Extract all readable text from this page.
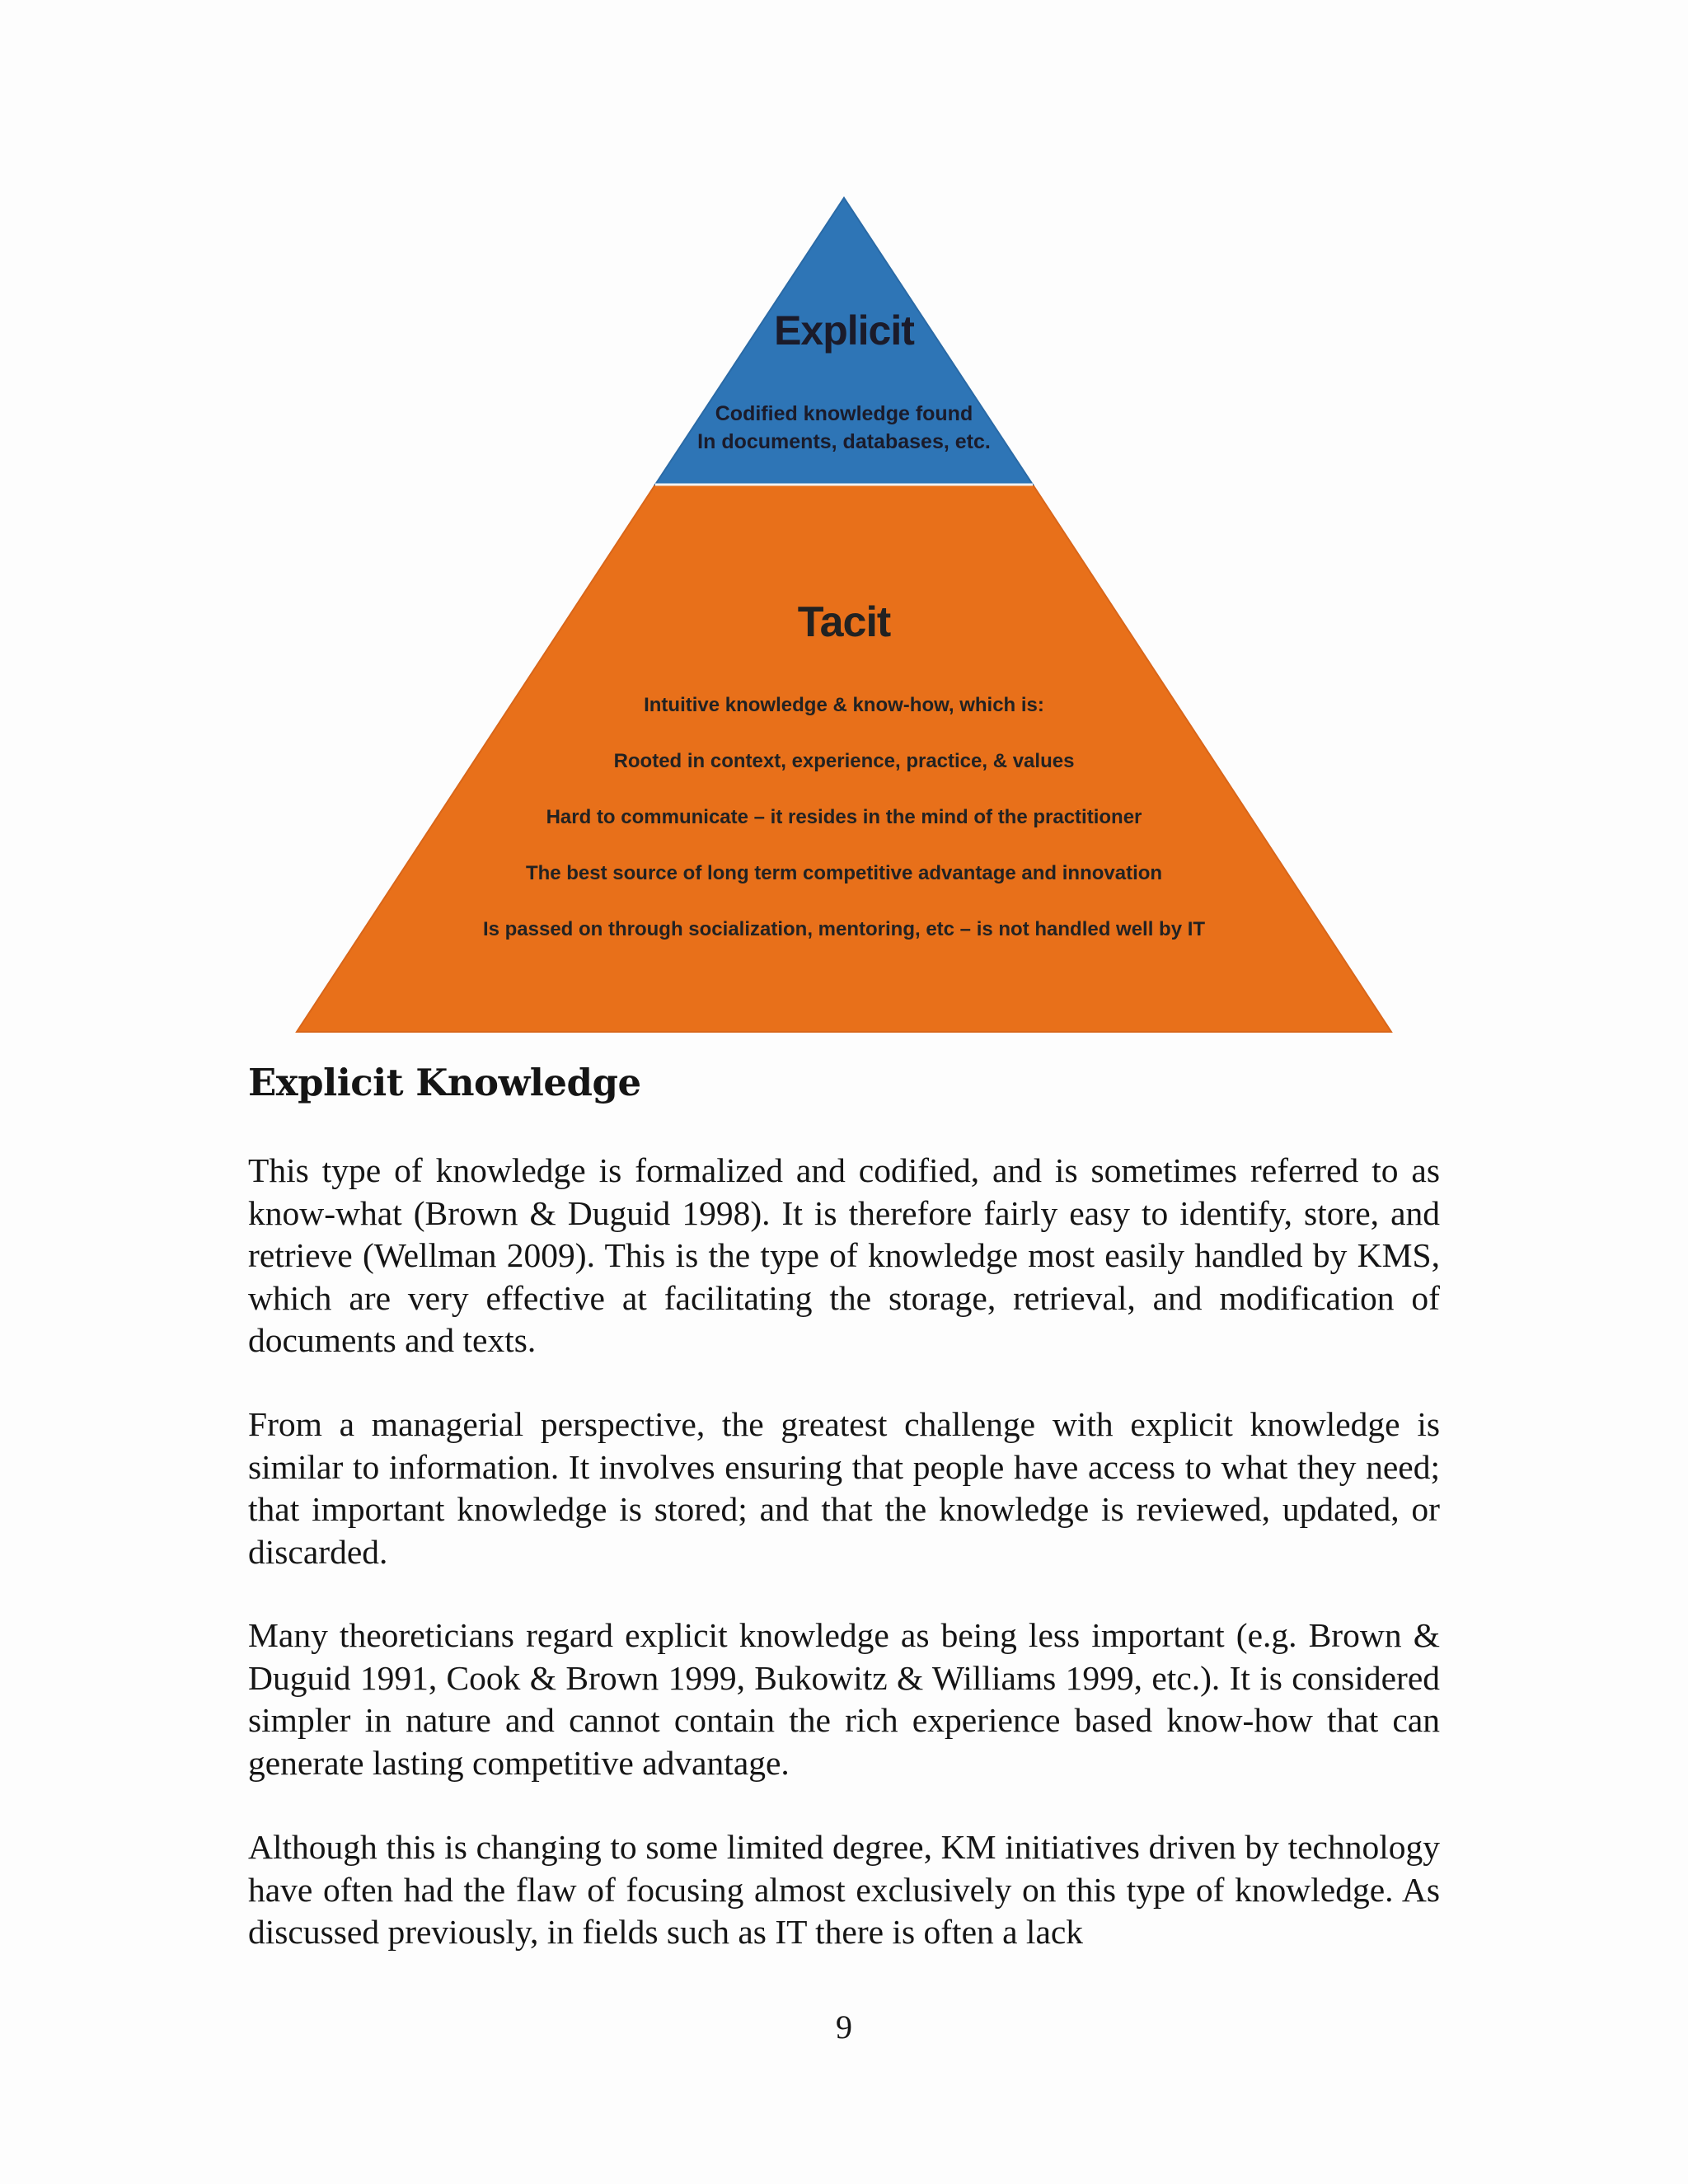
Explicit
Codified knowledge found
In documents, databases, etc.
Tacit
Intuitive knowledge & know-how, which is:
Rooted in context, experience, practice, & values
Hard to communicate – it resides in the mind of the practitioner
The best source of long term competitive advantage and innovation
Is passed on through socialization, mentoring, etc – is not handled well by IT
Explicit Knowledge

This type of knowledge is formalized and codified, and is sometimes referred to as know-what (Brown & Duguid 1998). It is therefore fairly easy to identify, store, and retrieve (Wellman 2009). This is the type of knowledge most easily handled by KMS, which are very effective at facilitating the storage, retrieval, and modification of documents and texts.

From a managerial perspective, the greatest challenge with explicit knowledge is similar to information. It involves ensuring that people have access to what they need; that important knowledge is stored; and that the knowledge is reviewed, updated, or discarded.

Many theoreticians regard explicit knowledge as being less important (e.g. Brown & Duguid 1991, Cook & Brown 1999, Bukowitz & Williams 1999, etc.). It is considered simpler in nature and cannot contain the rich experience based know-how that can generate lasting competitive advantage.

Although this is changing to some limited degree, KM initiatives driven by technology have often had the flaw of focusing almost exclusively on this type of knowledge. As discussed previously, in fields such as IT there is often a lack

9
